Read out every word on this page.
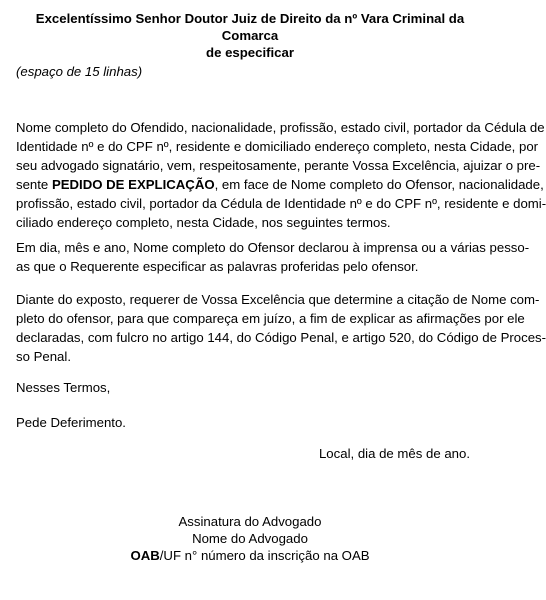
Excelentíssimo Senhor Doutor Juiz de Direito da nº Vara Criminal da Comarca
de especificar
(espaço de 15 linhas)
Nome completo do Ofendido, nacionalidade, profissão, estado civil, portador da Cédula de
Identidade nº e do CPF nº, residente e domiciliado endereço completo, nesta Cidade, por
seu advogado signatário, vem, respeitosamente, perante Vossa Excelência, ajuizar o pre-
sente PEDIDO DE EXPLICAÇÃO, em face de Nome completo do Ofensor, nacionalidade,
profissão, estado civil, portador da Cédula de Identidade nº e do CPF nº, residente e domi-
ciliado endereço completo, nesta Cidade, nos seguintes termos.
Em dia, mês e ano, Nome completo do Ofensor declarou à imprensa ou a várias pesso-
as que o Requerente especificar as palavras proferidas pelo ofensor.
Diante do exposto, requerer de Vossa Excelência que determine a citação de Nome com-
pleto do ofensor, para que compareça em juízo, a fim de explicar as afirmações por ele
declaradas, com fulcro no artigo 144, do Código Penal, e artigo 520, do Código de Proces-
so Penal.
Nesses Termos,
Pede Deferimento.
Local, dia de mês de ano.
Assinatura do Advogado
Nome do Advogado
OAB/UF n° número da inscrição na OAB
